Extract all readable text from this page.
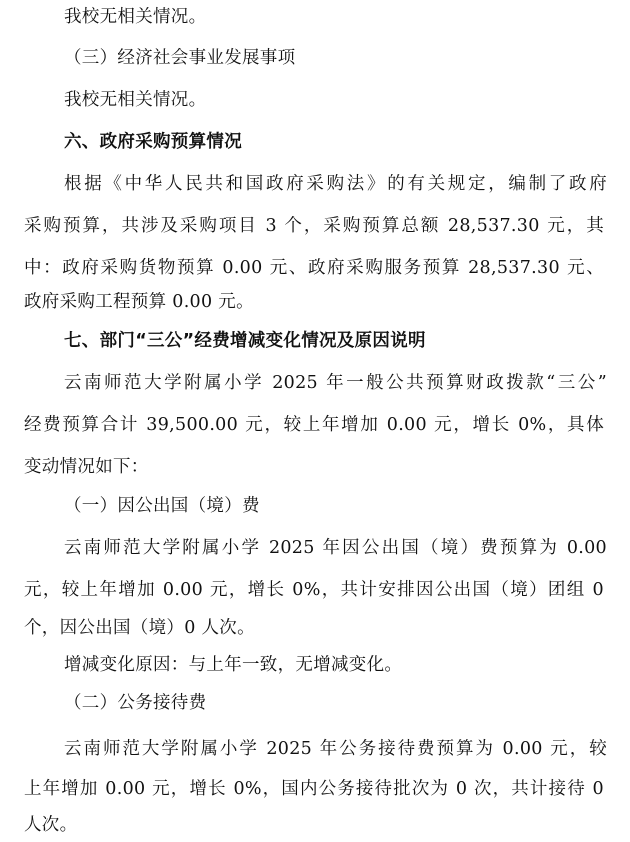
我校无相关情况。
（三）经济社会事业发展事项
我校无相关情况。
六、政府采购预算情况
根据《中华人民共和国政府采购法》的有关规定，编制了政府
采购预算，共涉及采购项目 3 个，采购预算总额 28,537.30 元，其
中：政府采购货物预算 0.00 元、政府采购服务预算 28,537.30 元、
政府采购工程预算 0.00 元。
七、部门“三公”经费增减变化情况及原因说明
云南师范大学附属小学 2025 年一般公共预算财政拨款“三公”
经费预算合计 39,500.00 元，较上年增加 0.00 元，增长 0%，具体
变动情况如下：
（一）因公出国（境）费
云南师范大学附属小学 2025 年因公出国（境）费预算为 0.00
元，较上年增加 0.00 元，增长 0%，共计安排因公出国（境）团组 0
个，因公出国（境）0 人次。
增减变化原因：与上年一致，无增减变化。
（二）公务接待费
云南师范大学附属小学 2025 年公务接待费预算为 0.00 元，较
上年增加 0.00 元，增长 0%，国内公务接待批次为 0 次，共计接待 0
人次。
